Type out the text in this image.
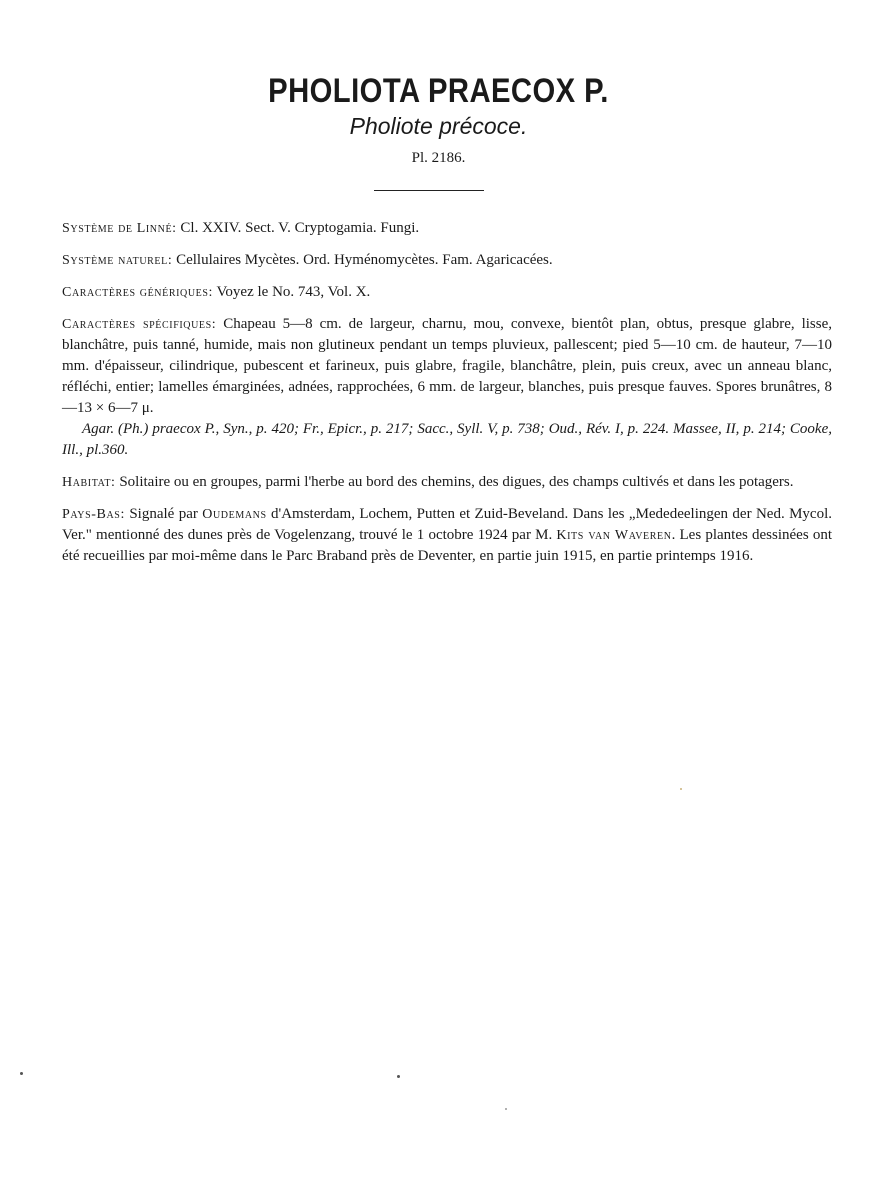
PHOLIOTA PRAECOX P.
Pholiote précoce.
Pl. 2186.

Système de Linné: Cl. XXIV. Sect. V. Cryptogamia. Fungi.

Système naturel: Cellulaires Mycètes. Ord. Hyménomycètes. Fam. Agaricacées.

Caractères génériques: Voyez le No. 743, Vol. X.

Caractères spécifiques: Chapeau 5—8 cm. de largeur, charnu, mou, convexe, bientôt plan, obtus, presque glabre, lisse, blanchâtre, puis tanné, humide, mais non glutineux pendant un temps pluvieux, pallescent; pied 5—10 cm. de hauteur, 7—10 mm. d'épaisseur, cilindrique, pubescent et farineux, puis glabre, fragile, blanchâtre, plein, puis creux, avec un anneau blanc, réfléchi, entier; lamelles émarginées, adnées, rapprochées, 6 mm. de largeur, blanches, puis presque fauves. Spores brunâtres, 8—13 × 6—7 μ.

Agar. (Ph.) praecox P., Syn., p. 420; Fr., Epicr., p. 217; Sacc., Syll. V, p. 738; Oud., Rév. I, p. 224. Massee, II, p. 214; Cooke, Ill., pl.360.

Habitat: Solitaire ou en groupes, parmi l'herbe au bord des chemins, des digues, des champs cultivés et dans les potagers.

Pays-Bas: Signalé par Oudemans d'Amsterdam, Lochem, Putten et Zuid-Beveland. Dans les „Mededeelingen der Ned. Mycol. Ver." mentionné des dunes près de Vogelenzang, trouvé le 1 octobre 1924 par M. Kits van Waveren. Les plantes dessinées ont été recueillies par moi-même dans le Parc Braband près de Deventer, en partie juin 1915, en partie printemps 1916.
